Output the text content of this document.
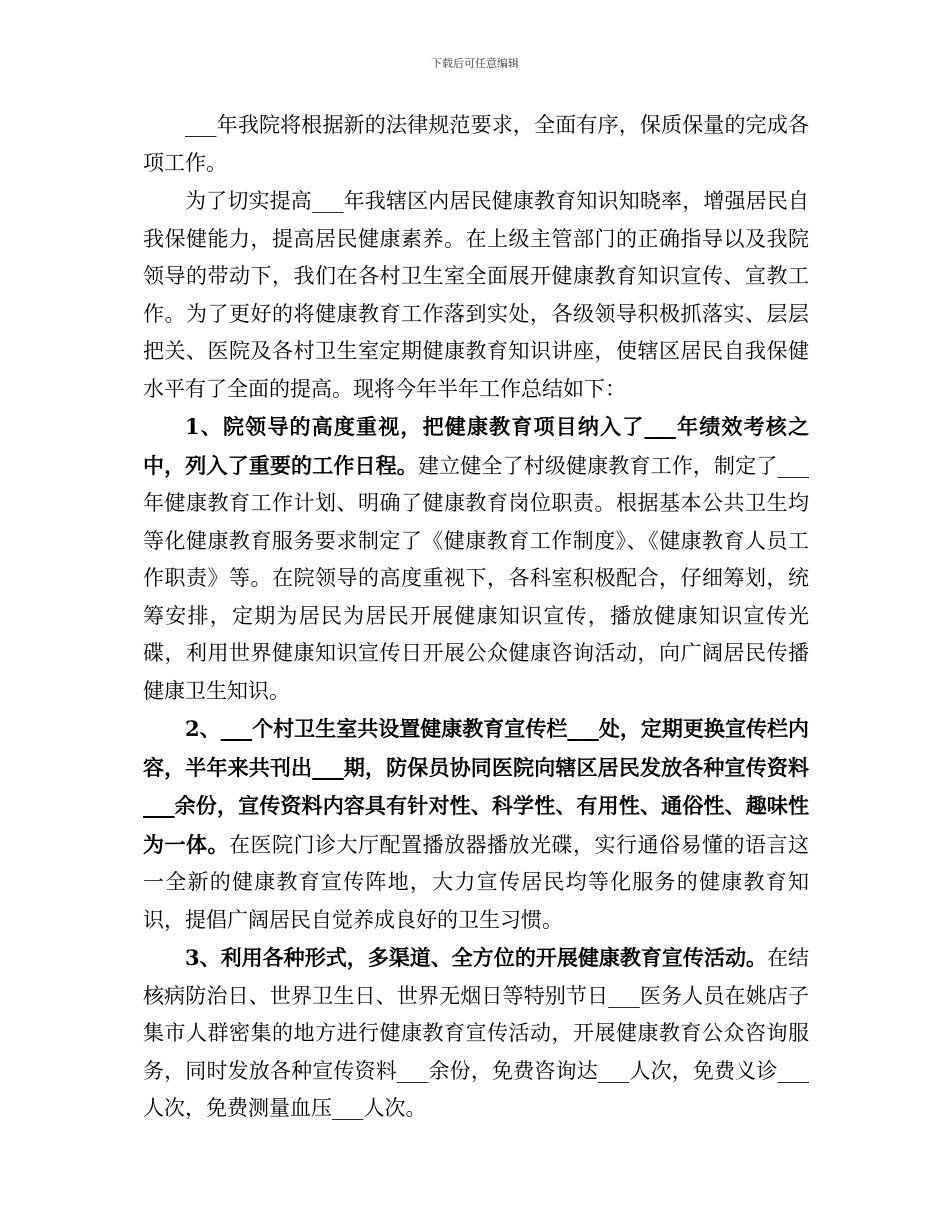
下载后可任意编辑

___年我院将根据新的法律规范要求，全面有序，保质保量的完成各项工作。

为了切实提高___年我辖区内居民健康教育知识知晓率，增强居民自我保健能力，提高居民健康素养。在上级主管部门的正确指导以及我院领导的带动下，我们在各村卫生室全面展开健康教育知识宣传、宣教工作。为了更好的将健康教育工作落到实处，各级领导积极抓落实、层层把关、医院及各村卫生室定期健康教育知识讲座，使辖区居民自我保健水平有了全面的提高。现将今年半年工作总结如下：

1、院领导的高度重视，把健康教育项目纳入了___年绩效考核之中，列入了重要的工作日程。建立健全了村级健康教育工作，制定了___年健康教育工作计划、明确了健康教育岗位职责。根据基本公共卫生均等化健康教育服务要求制定了《健康教育工作制度》、《健康教育人员工作职责》等。在院领导的高度重视下，各科室积极配合，仔细筹划，统筹安排，定期为居民为居民开展健康知识宣传，播放健康知识宣传光碟，利用世界健康知识宣传日开展公众健康咨询活动，向广阔居民传播健康卫生知识。

2、___个村卫生室共设置健康教育宣传栏___处，定期更换宣传栏内容，半年来共刊出___期，防保员协同医院向辖区居民发放各种宣传资料___余份，宣传资料内容具有针对性、科学性、有用性、通俗性、趣味性为一体。在医院门诊大厅配置播放器播放光碟，实行通俗易懂的语言这一全新的健康教育宣传阵地，大力宣传居民均等化服务的健康教育知识，提倡广阔居民自觉养成良好的卫生习惯。

3、利用各种形式，多渠道、全方位的开展健康教育宣传活动。在结核病防治日、世界卫生日、世界无烟日等特别节日___医务人员在姚店子集市人群密集的地方进行健康教育宣传活动，开展健康教育公众咨询服务，同时发放各种宣传资料___余份，免费咨询达___人次，免费义诊___人次，免费测量血压___人次。
